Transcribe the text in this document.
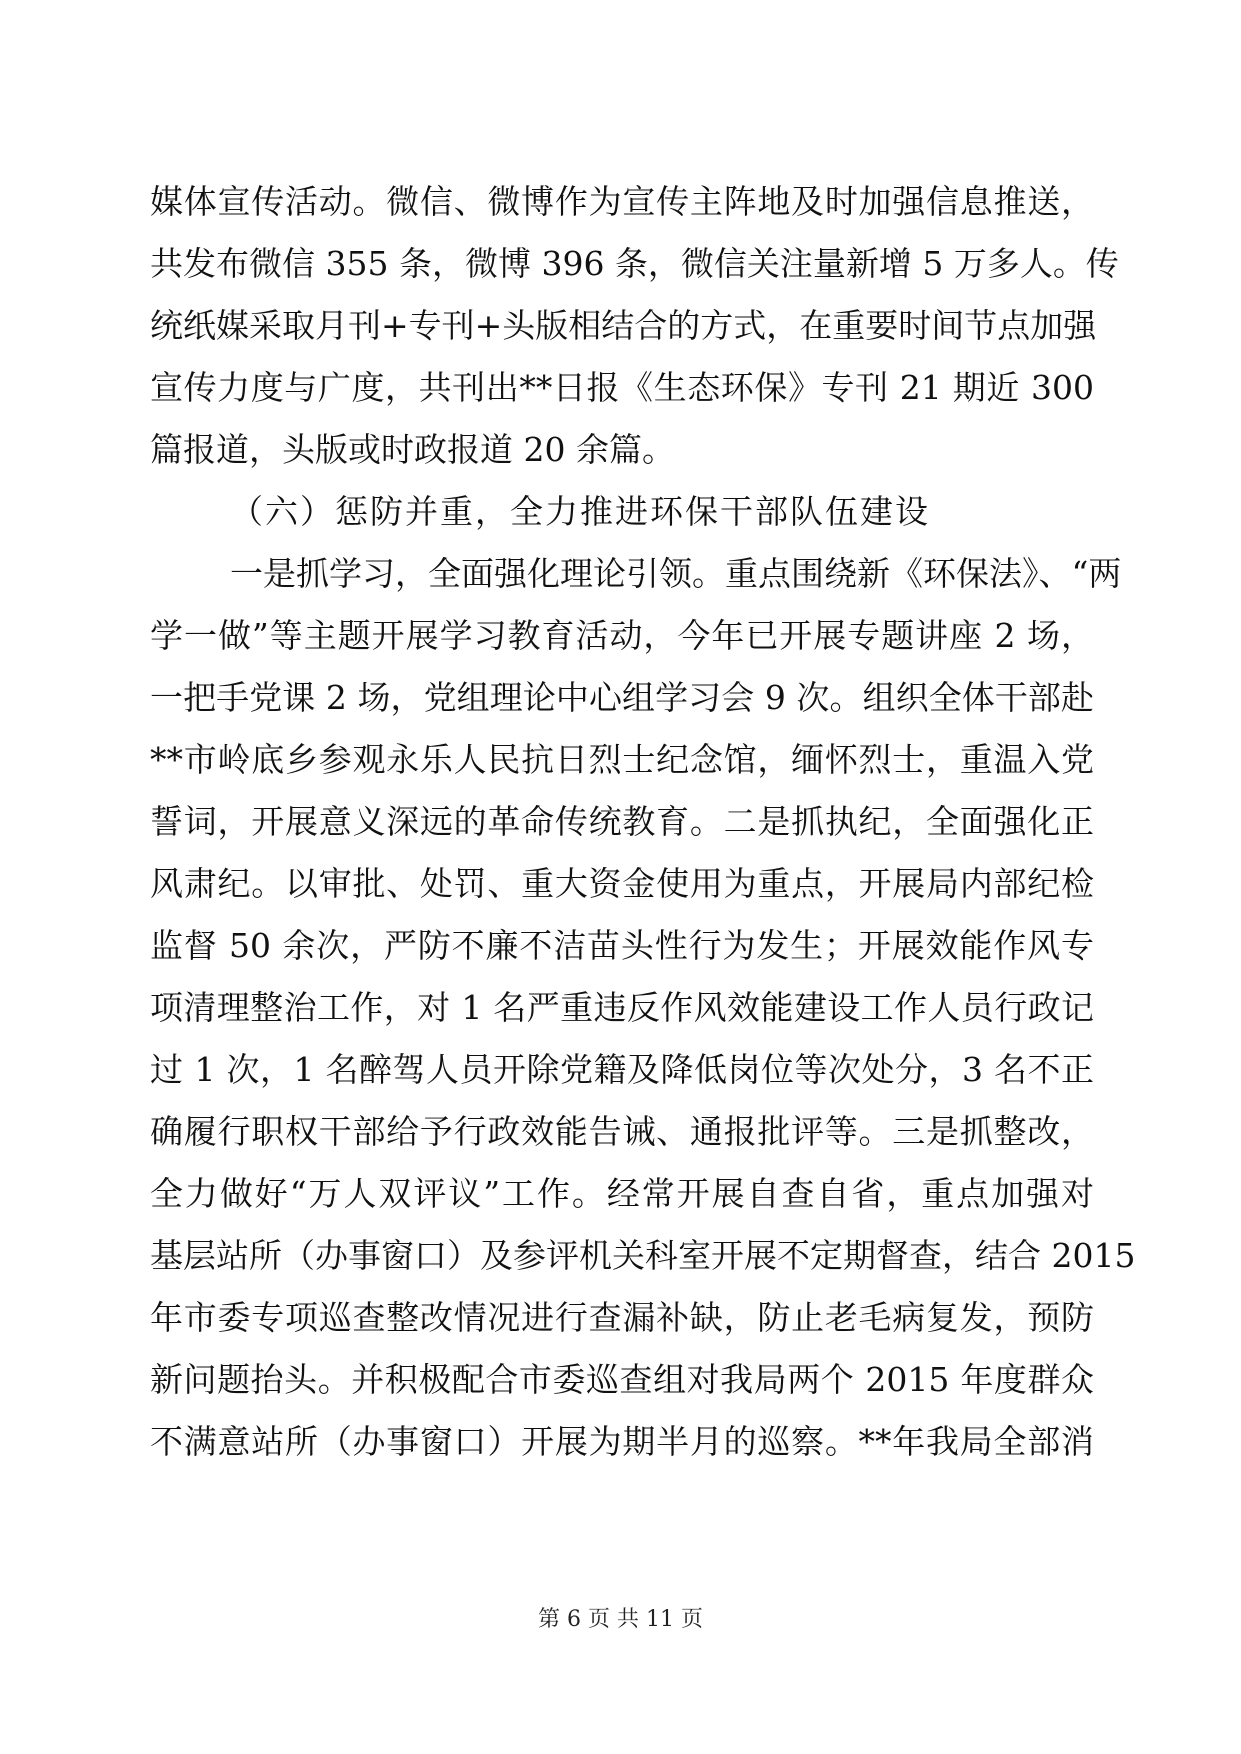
媒体宣传活动。微信、微博作为宣传主阵地及时加强信息推送，
共发布微信 355 条，微博 396 条，微信关注量新增 5 万多人。传
统纸媒采取月刊+专刊+头版相结合的方式，在重要时间节点加强
宣传力度与广度，共刊出**日报《生态环保》专刊 21 期近 300
篇报道，头版或时政报道 20 余篇。
（六）惩防并重，全力推进环保干部队伍建设
一是抓学习，全面强化理论引领。重点围绕新《环保法》、“两
学一做”等主题开展学习教育活动，今年已开展专题讲座 2 场，
一把手党课 2 场，党组理论中心组学习会 9 次。组织全体干部赴
**市岭底乡参观永乐人民抗日烈士纪念馆，缅怀烈士，重温入党
誓词，开展意义深远的革命传统教育。二是抓执纪，全面强化正
风肃纪。以审批、处罚、重大资金使用为重点，开展局内部纪检
监督 50 余次，严防不廉不洁苗头性行为发生；开展效能作风专
项清理整治工作，对 1 名严重违反作风效能建设工作人员行政记
过 1 次，1 名醉驾人员开除党籍及降低岗位等次处分，3 名不正
确履行职权干部给予行政效能告诫、通报批评等。三是抓整改，
全力做好“万人双评议”工作。经常开展自查自省，重点加强对
基层站所（办事窗口）及参评机关科室开展不定期督查，结合 2015
年市委专项巡查整改情况进行查漏补缺，防止老毛病复发，预防
新问题抬头。并积极配合市委巡查组对我局两个 2015 年度群众
不满意站所（办事窗口）开展为期半月的巡察。**年我局全部消
第 6 页 共 11 页
